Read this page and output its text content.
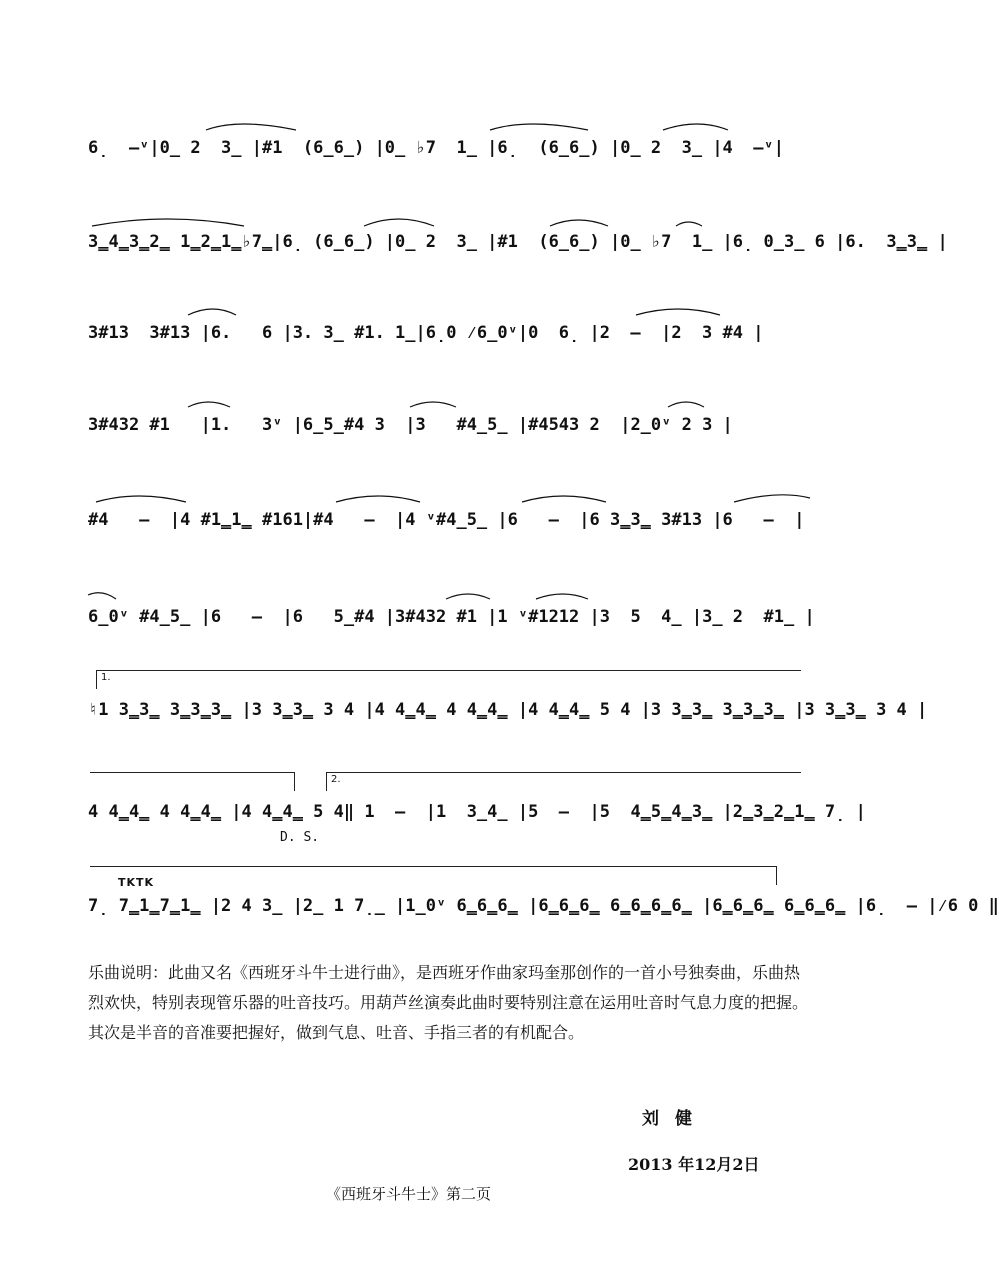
6̣  –ᵛ|0̲ 2  3̲ |#1  (6̲6̲) |0̲ ♭7  1̲ |6̣  (6̲6̲) |0̲ 2  3̲ |4  –ᵛ|
3̳4̳3̳2̳ 1̳2̳1̳♭7̳|6̣ (6̲6̲) |0̲ 2  3̲ |#1  (6̲6̲) |0̲ ♭7  1̲ |6̣ 0̲3̲ 6 |6.  3̳3̳ |
3#13  3#13 |6.   6 |3. 3̲ #1. 1̲|6̣0 ⁄6̲0ᵛ|0  6̣ |2  –  |2  3 #4 |
3#432 #1   |1.   3ᵛ |6̲5̲#4 3  |3   #4̲5̲ |#4543 2  |2̲0ᵛ 2 3 |
#4   –  |4 #1̳1̳ #161|#4   –  |4 ᵛ#4̲5̲ |6   –  |6 3̳3̳ 3#13 |6   –  |
6̲0ᵛ #4̲5̲ |6   –  |6   5̲#4 |3#432 #1 |1 ᵛ#1212 |3  5  4̲ |3̲ 2  #1̲ |
1.
♮1 3̳3̳ 3̳3̳3̳ |3 3̳3̳ 3 4 |4 4̳4̳ 4 4̳4̳ |4 4̳4̳ 5 4 |3 3̳3̳ 3̳3̳3̳ |3 3̳3̳ 3 4 |
2.
4 4̳4̳ 4 4̳4̳ |4 4̳4̳ 5 4‖ 1  –  |1  3̲4̲ |5  –  |5  4̳5̳4̳3̳ |2̳3̳2̳1̳ 7̣ |
D. S.
TKTK
7̣ 7̳1̳7̳1̳ |2 4 3̲ |2̲ 1 7̣̲ |1̲0ᵛ 6̳6̳6̳ |6̳6̳6̳ 6̳6̳6̳6̳ |6̳6̳6̳ 6̳6̳6̳ |6̣  – |⁄6 0 ‖
乐曲说明：此曲又名《西班牙斗牛士进行曲》，是西班牙作曲家玛奎那创作的一首小号独奏曲，乐曲热烈欢快，特别表现管乐器的吐音技巧。用葫芦丝演奏此曲时要特别注意在运用吐音时气息力度的把握。其次是半音的音准要把握好，做到气息、吐音、手指三者的有机配合。
刘健
2013 年12月2日
《西班牙斗牛士》第二页
